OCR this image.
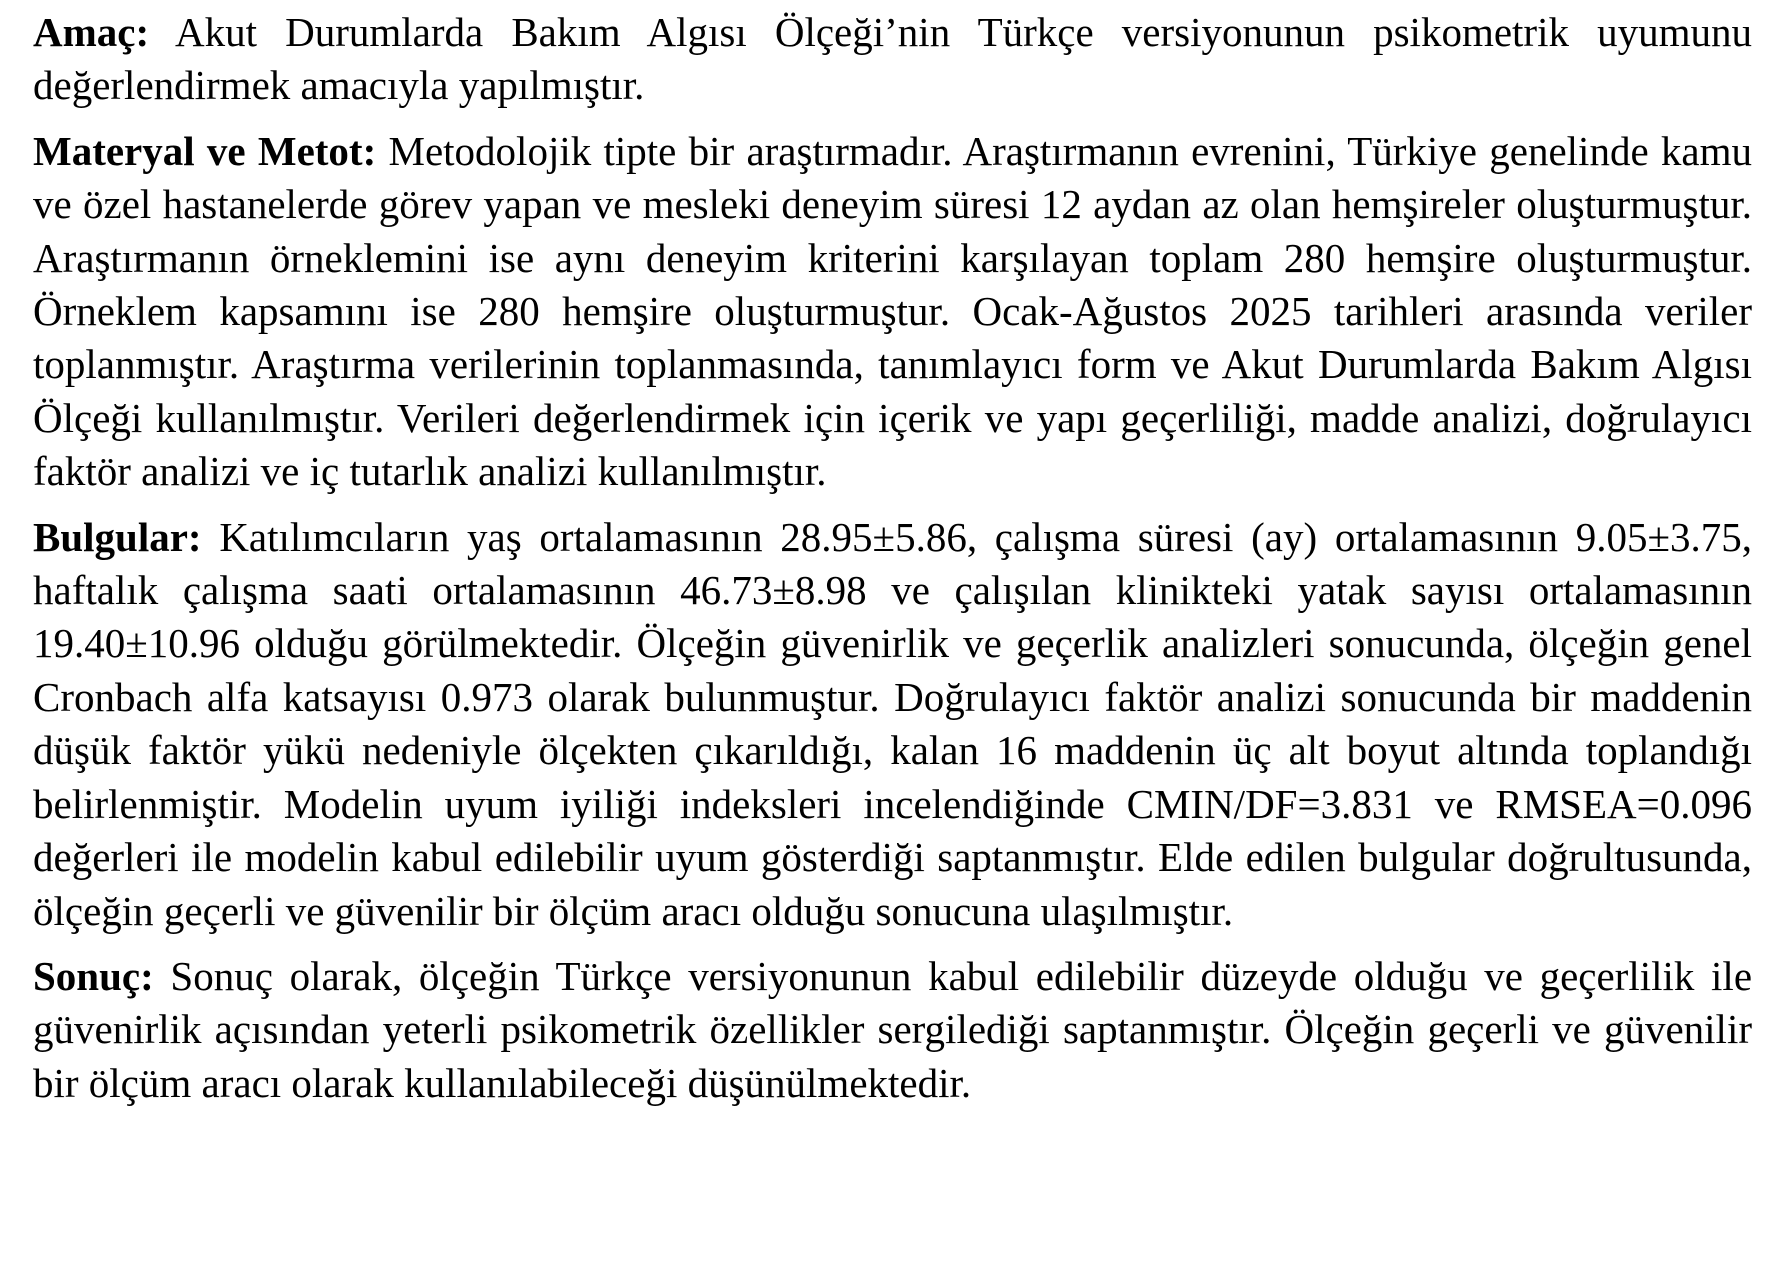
Amaç: Akut Durumlarda Bakım Algısı Ölçeği’nin Türkçe versiyonunun psikometrik uyumunu değerlendirmek amacıyla yapılmıştır.

Materyal ve Metot: Metodolojik tipte bir araştırmadır. Araştırmanın evrenini, Türkiye genelinde kamu ve özel hastanelerde görev yapan ve mesleki deneyim süresi 12 aydan az olan hemşireler oluşturmuştur. Araştırmanın örneklemini ise aynı deneyim kriterini karşılayan toplam 280 hemşire oluşturmuştur. Örneklem kapsamını ise 280 hemşire oluşturmuştur. Ocak-Ağustos 2025 tarihleri arasında veriler toplanmıştır. Araştırma verilerinin toplanmasında, tanımlayıcı form ve Akut Durumlarda Bakım Algısı Ölçeği kullanılmıştır. Verileri değerlendirmek için içerik ve yapı geçerliliği, madde analizi, doğrulayıcı faktör analizi ve iç tutarlık analizi kullanılmıştır.

Bulgular: Katılımcıların yaş ortalamasının 28.95±5.86, çalışma süresi (ay) ortalamasının 9.05±3.75, haftalık çalışma saati ortalamasının 46.73±8.98 ve çalışılan klinikteki yatak sayısı ortalamasının 19.40±10.96 olduğu görülmektedir. Ölçeğin güvenirlik ve geçerlik analizleri sonucunda, ölçeğin genel Cronbach alfa katsayısı 0.973 olarak bulunmuştur. Doğrulayıcı faktör analizi sonucunda bir maddenin düşük faktör yükü nedeniyle ölçekten çıkarıldığı, kalan 16 maddenin üç alt boyut altında toplandığı belirlenmiştir. Modelin uyum iyiliği indeksleri incelendiğinde CMIN/DF=3.831 ve RMSEA=0.096 değerleri ile modelin kabul edilebilir uyum gösterdiği saptanmıştır. Elde edilen bulgular doğrultusunda, ölçeğin geçerli ve güvenilir bir ölçüm aracı olduğu sonucuna ulaşılmıştır.

Sonuç: Sonuç olarak, ölçeğin Türkçe versiyonunun kabul edilebilir düzeyde olduğu ve geçerlilik ile güvenirlik açısından yeterli psikometrik özellikler sergilediği saptanmıştır. Ölçeğin geçerli ve güvenilir bir ölçüm aracı olarak kullanılabileceği düşünülmektedir.
